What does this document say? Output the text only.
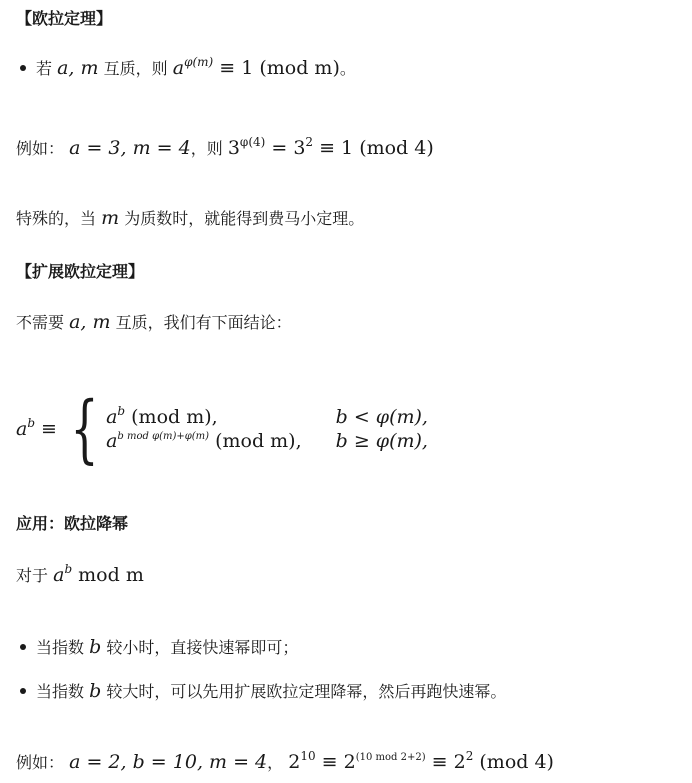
【欧拉定理】
若 a, m 互质，则 $a^{\varphi(m)} \equiv 1$ (mod m)。
例如： a = 3, m = 4，则 $3^{\varphi(4)} = 3^2 \equiv 1$ (mod 4)
特殊的，当 m 为质数时，就能得到费马小定理。
【扩展欧拉定理】
不需要 a, m 互质，我们有下面结论：
$a^b$ ≡ { $a^b$ (mod m),	b < φ(m),
$a^{b mod \varphi(m)+\varphi(m)}$ (mod m), b ≥ φ(m),
应用：欧拉降幂
对于 $a^b$ mod m
当指数 b 较小时，直接快速幂即可；
当指数 b 较大时，可以先用扩展欧拉定理降幂，然后再跑快速幂。
例如： a = 2, b = 10, m = 4， $2^{10} \equiv 2^{(10 mod 2+2)} \equiv 2^2$ (mod 4)
